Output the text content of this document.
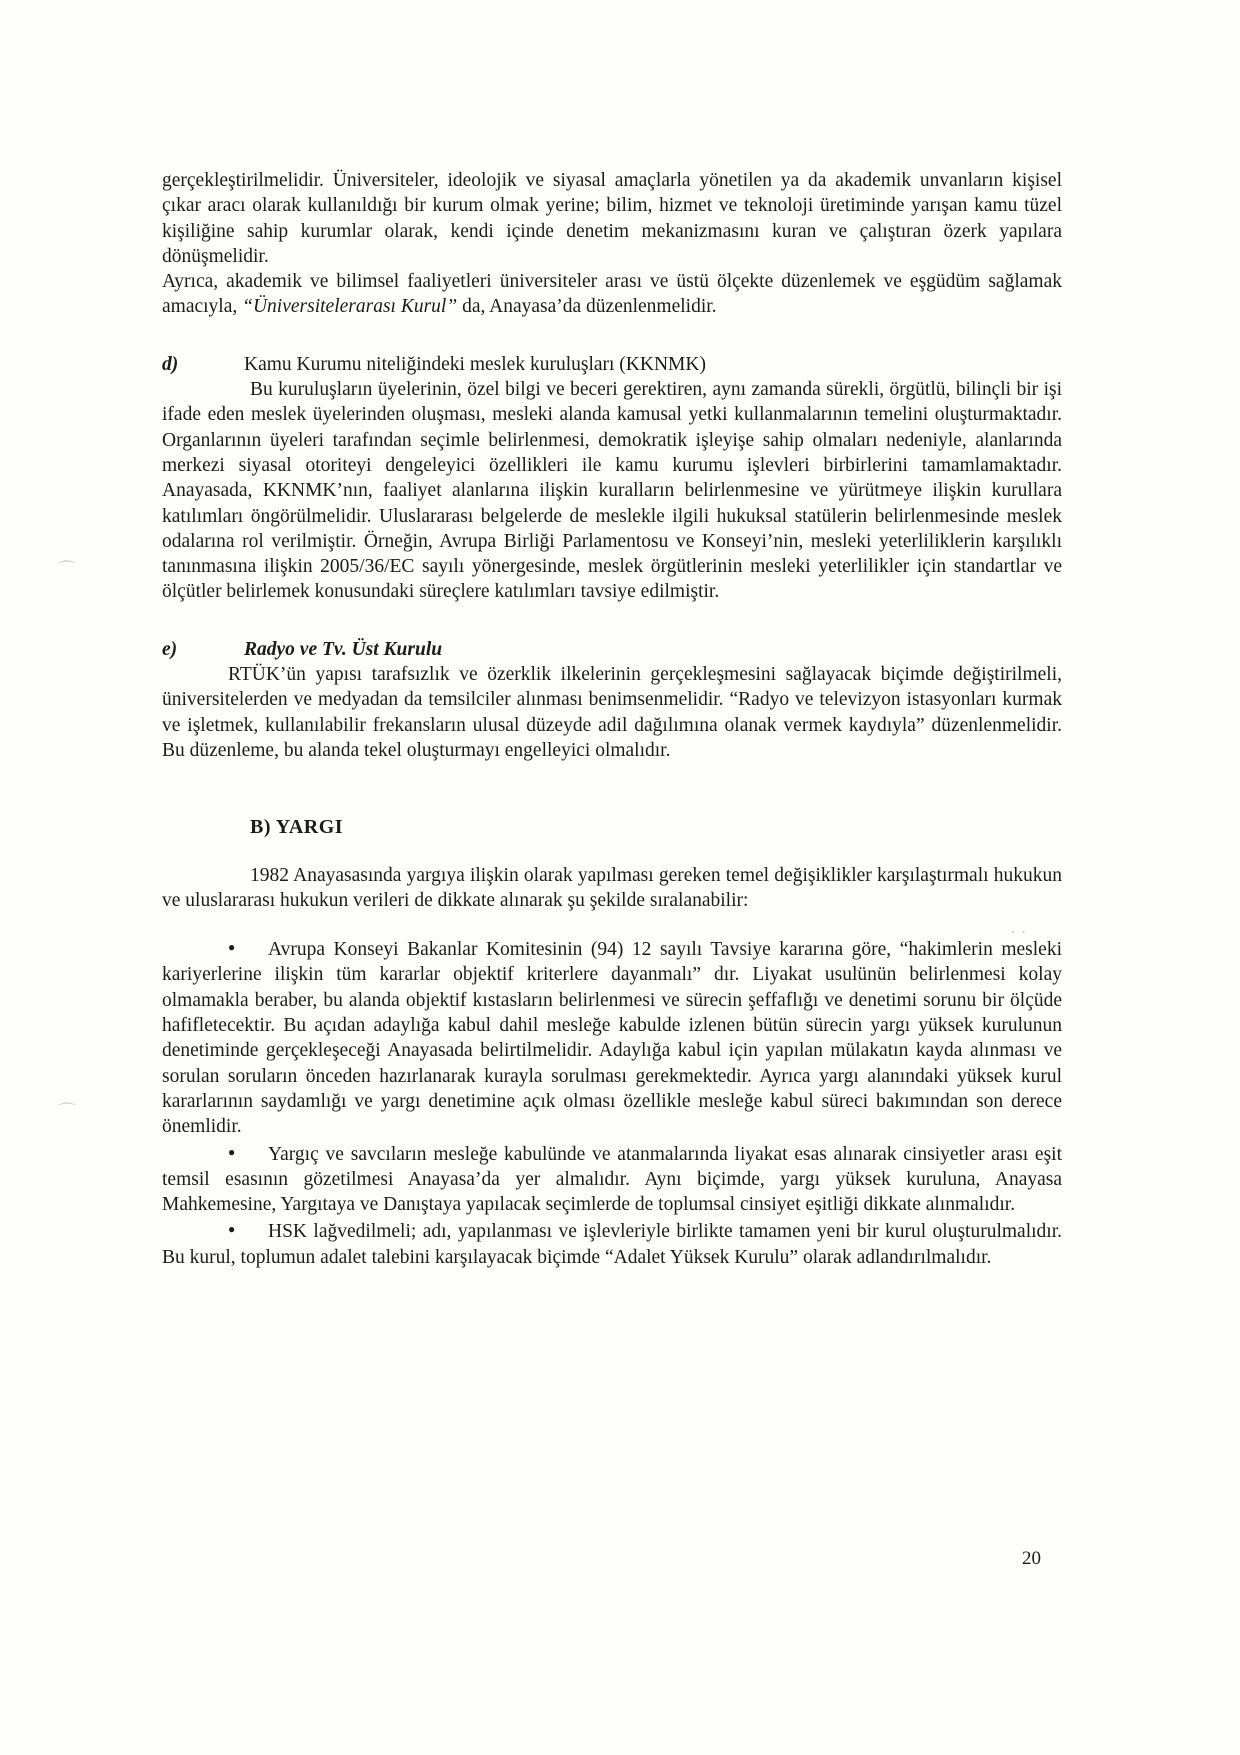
⌒
⌒
· ·

gerçekleştirilmelidir. Üniversiteler, ideolojik ve siyasal amaçlarla yönetilen ya da akademik unvanların kişisel çıkar aracı olarak kullanıldığı bir kurum olmak yerine; bilim, hizmet ve teknoloji üretiminde yarışan kamu tüzel kişiliğine sahip kurumlar olarak, kendi içinde denetim mekanizmasını kuran ve çalıştıran özerk yapılara dönüşmelidir.

Ayrıca, akademik ve bilimsel faaliyetleri üniversiteler arası ve üstü ölçekte düzenlemek ve eşgüdüm sağlamak amacıyla, “Üniversitelerarası Kurul” da, Anayasa’da düzenlenmelidir.

d)	Kamu Kurumu niteliğindeki meslek kuruluşları (KKNMK)

Bu kuruluşların üyelerinin, özel bilgi ve beceri gerektiren, aynı zamanda sürekli, örgütlü, bilinçli bir işi ifade eden meslek üyelerinden oluşması, mesleki alanda kamusal yetki kullanmalarının temelini oluşturmaktadır. Organlarının üyeleri tarafından seçimle belirlenmesi, demokratik işleyişe sahip olmaları nedeniyle, alanlarında merkezi siyasal otoriteyi dengeleyici özellikleri ile kamu kurumu işlevleri birbirlerini tamamlamaktadır. Anayasada, KKNMK’nın, faaliyet alanlarına ilişkin kuralların belirlenmesine ve yürütmeye ilişkin kurullara katılımları öngörülmelidir. Uluslararası belgelerde de meslekle ilgili hukuksal statülerin belirlenmesinde meslek odalarına rol verilmiştir. Örneğin, Avrupa Birliği Parlamentosu ve Konseyi’nin, mesleki yeterliliklerin karşılıklı tanınmasına ilişkin 2005/36/EC sayılı yönergesinde, meslek örgütlerinin mesleki yeterlilikler için standartlar ve ölçütler belirlemek konusundaki süreçlere katılımları tavsiye edilmiştir.

e)	Radyo ve Tv. Üst Kurulu

RTÜK’ün yapısı tarafsızlık ve özerklik ilkelerinin gerçekleşmesini sağlayacak biçimde değiştirilmeli, üniversitelerden ve medyadan da temsilciler alınması benimsenmelidir. “Radyo ve televizyon istasyonları kurmak ve işletmek, kullanılabilir frekansların ulusal düzeyde adil dağılımına olanak vermek kaydıyla” düzenlenmelidir. Bu düzenleme, bu alanda tekel oluşturmayı engelleyici olmalıdır.

B) YARGI

1982 Anayasasında yargıya ilişkin olarak yapılması gereken temel değişiklikler karşılaştırmalı hukukun ve uluslararası hukukun verileri de dikkate alınarak şu şekilde sıralanabilir:

● Avrupa Konseyi Bakanlar Komitesinin (94) 12 sayılı Tavsiye kararına göre, “hakimlerin mesleki kariyerlerine ilişkin tüm kararlar objektif kriterlere dayanmalı” dır. Liyakat usulünün belirlenmesi kolay olmamakla beraber, bu alanda objektif kıstasların belirlenmesi ve sürecin şeffaflığı ve denetimi sorunu bir ölçüde hafifletecektir. Bu açıdan adaylığa kabul dahil mesleğe kabulde izlenen bütün sürecin yargı yüksek kurulunun denetiminde gerçekleşeceği Anayasada belirtilmelidir. Adaylığa kabul için yapılan mülakatın kayda alınması ve sorulan soruların önceden hazırlanarak kurayla sorulması gerekmektedir. Ayrıca yargı alanındaki yüksek kurul kararlarının saydamlığı ve yargı denetimine açık olması özellikle mesleğe kabul süreci bakımından son derece önemlidir.

● Yargıç ve savcıların mesleğe kabulünde ve atanmalarında liyakat esas alınarak cinsiyetler arası eşit temsil esasının gözetilmesi Anayasa’da yer almalıdır. Aynı biçimde, yargı yüksek kuruluna, Anayasa Mahkemesine, Yargıtaya ve Danıştaya yapılacak seçimlerde de toplumsal cinsiyet eşitliği dikkate alınmalıdır.

● HSK lağvedilmeli; adı, yapılanması ve işlevleriyle birlikte tamamen yeni bir kurul oluşturulmalıdır. Bu kurul, toplumun adalet talebini karşılayacak biçimde “Adalet Yüksek Kurulu” olarak adlandırılmalıdır.

20
